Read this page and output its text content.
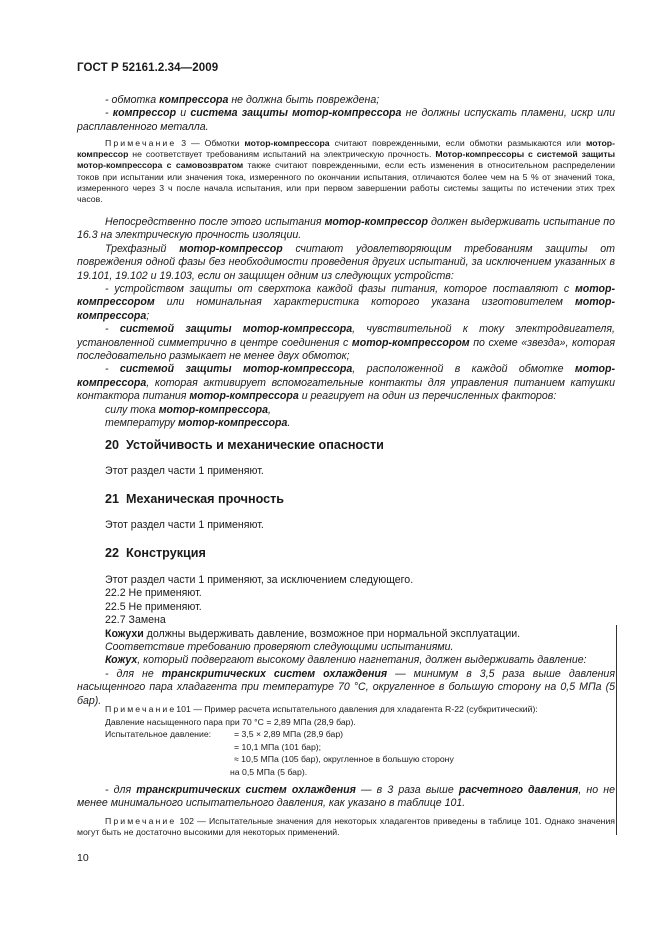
ГОСТ Р 52161.2.34—2009

- обмотка компрессора не должна быть повреждена;

- компрессор и система защиты мотор-компрессора не должны испускать пламени, искр или расплавленного металла.

Примечание 3 — Обмотки мотор-компрессора считают поврежденными, если обмотки размыкаются или мотор-компрессор не соответствует требованиям испытаний на электрическую прочность. Мотор-компрессоры с системой защиты мотор-компрессора с самовозвратом также считают поврежденными, если есть изменения в относительном распределении токов при испытании или значения тока, измеренного по окончании испытания, отличаются более чем на 5 % от значений тока, измеренного через 3 ч после начала испытания, или при первом завершении работы системы защиты по истечении этих трех часов.

Непосредственно после этого испытания мотор-компрессор должен выдерживать испытание по 16.3 на электрическую прочность изоляции.

Трехфазный мотор-компрессор считают удовлетворяющим требованиям защиты от повреждения одной фазы без необходимости проведения других испытаний, за исключением указанных в 19.101, 19.102 и 19.103, если он защищен одним из следующих устройств:

- устройством защиты от сверхтока каждой фазы питания, которое поставляют с мотор-компрессором или номинальная характеристика которого указана изготовителем мотор-компрессора;

- системой защиты мотор-компрессора, чувствительной к току электродвигателя, установленной симметрично в центре соединения с мотор-компрессором по схеме «звезда», которая последовательно размыкает не менее двух обмоток;

- системой защиты мотор-компрессора, расположенной в каждой обмотке мотор-компрессора, которая активирует вспомогательные контакты для управления питанием катушки контактора питания мотор-компрессора и реагирует на один из перечисленных факторов:

силу тока мотор-компрессора,

температуру мотор-компрессора.

20 Устойчивость и механические опасности

Этот раздел части 1 применяют.

21 Механическая прочность

Этот раздел части 1 применяют.

22 Конструкция

Этот раздел части 1 применяют, за исключением следующего.

22.2 Не применяют.

22.5 Не применяют.

22.7 Замена

Кожухи должны выдерживать давление, возможное при нормальной эксплуатации.

Соответствие требованию проверяют следующими испытаниями.

Кожух, который подвергают высокому давлению нагнетания, должен выдерживать давление:

- для не транскритических систем охлаждения — минимум в 3,5 раза выше давления насыщенного пара хладагента при температуре 70 °С, округленное в большую сторону на 0,5 МПа (5 бар).

Примечание 101 — Пример расчета испытательного давления для хладагента R-22 (субкритический):
Давление насыщенного пара при 70 °С = 2,89 МПа (28,9 бар).
Испытательное давление:	= 3,5 × 2,89 МПа (28,9 бар)
= 10,1 МПа (101 бар);
≈ 10,5 МПа (105 бар), округленное в большую сторону
на 0,5 МПа (5 бар).

- для транскритических систем охлаждения — в 3 раза выше расчетного давления, но не менее минимального испытательного давления, как указано в таблице 101.

Примечание 102 — Испытательные значения для некоторых хладагентов приведены в таблице 101. Однако значения могут быть не достаточно высокими для некоторых применений.

10
